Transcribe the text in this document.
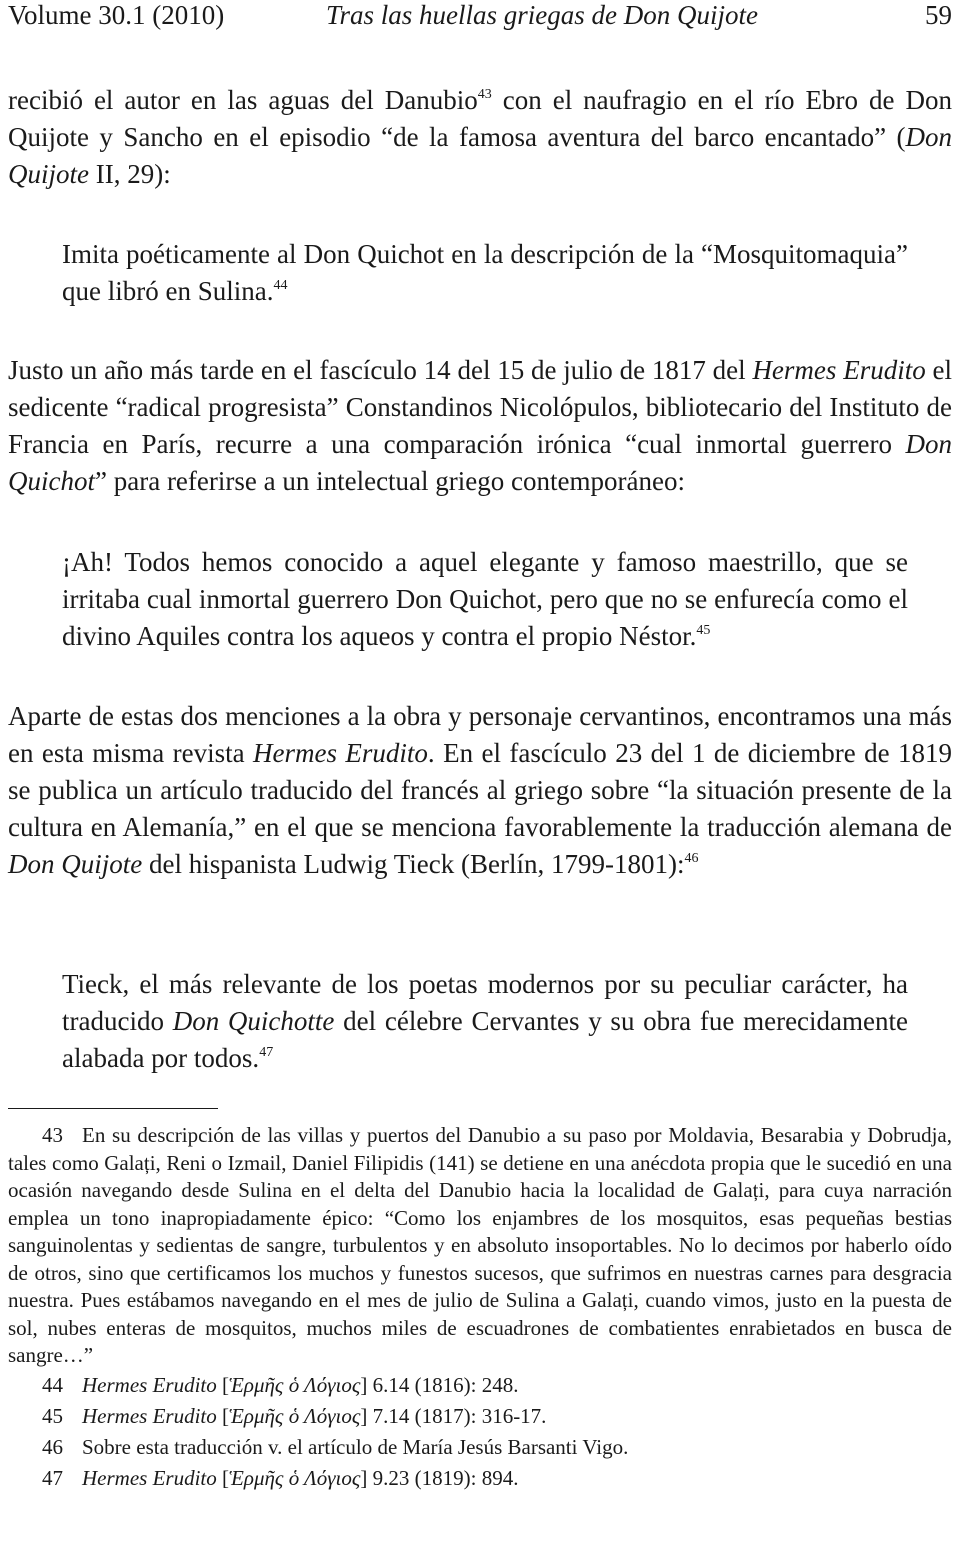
Volume 30.1 (2010)	Tras las huellas griegas de Don Quijote	59

recibió el autor en las aguas del Danubio$^{43}$ con el naufragio en el río Ebro de Don Quijote y Sancho en el episodio “de la famosa aventura del barco encantado” (Don Quijote II, 29):

Imita poéticamente al Don Quichot en la descripción de la “Mosquitomaquia” que libró en Sulina.$^{44}$

Justo un año más tarde en el fascículo 14 del 15 de julio de 1817 del Hermes Erudito el sedicente “radical progresista” Constandinos Nicolópulos, bibliotecario del Instituto de Francia en París, recurre a una comparación irónica “cual inmortal guerrero Don Quichot” para referirse a un intelectual griego contemporáneo:

¡Ah! Todos hemos conocido a aquel elegante y famoso maestrillo, que se irritaba cual inmortal guerrero Don Quichot, pero que no se enfurecía como el divino Aquiles contra los aqueos y contra el propio Néstor.$^{45}$

Aparte de estas dos menciones a la obra y personaje cervantinos, encontramos una más en esta misma revista Hermes Erudito. En el fascículo 23 del 1 de diciembre de 1819 se publica un artículo traducido del francés al griego sobre “la situación presente de la cultura en Alemanía,” en el que se menciona favorablemente la traducción alemana de Don Quijote del hispanista Ludwig Tieck (Berlín, 1799-1801):$^{46}$

Tieck, el más relevante de los poetas modernos por su peculiar carácter, ha traducido Don Quichotte del célebre Cervantes y su obra fue merecidamente alabada por todos.$^{47}$

43 En su descripción de las villas y puertos del Danubio a su paso por Moldavia, Besarabia y Dobrudja, tales como Galați, Reni o Izmail, Daniel Filipidis (141) se detiene en una anécdota propia que le sucedió en una ocasión navegando desde Sulina en el delta del Danubio hacia la localidad de Galați, para cuya narración emplea un tono inapropiadamente épico: “Como los enjambres de los mosquitos, esas pequeñas bestias sanguinolentas y sedientas de sangre, turbulentos y en absoluto insoportables. No lo decimos por haberlo oído de otros, sino que certificamos los muchos y funestos sucesos, que sufrimos en nuestras carnes para desgracia nuestra. Pues estábamos navegando en el mes de julio de Sulina a Galați, cuando vimos, justo en la puesta de sol, nubes enteras de mosquitos, muchos miles de escuadrones de combatientes enrabietados en busca de sangre…”

44 Hermes Erudito [Ἑρμῆς ὁ Λόγιος] 6.14 (1816): 248.

45 Hermes Erudito [Ἑρμῆς ὁ Λόγιος] 7.14 (1817): 316-17.

46 Sobre esta traducción v. el artículo de María Jesús Barsanti Vigo.

47 Hermes Erudito [Ἑρμῆς ὁ Λόγιος] 9.23 (1819): 894.
